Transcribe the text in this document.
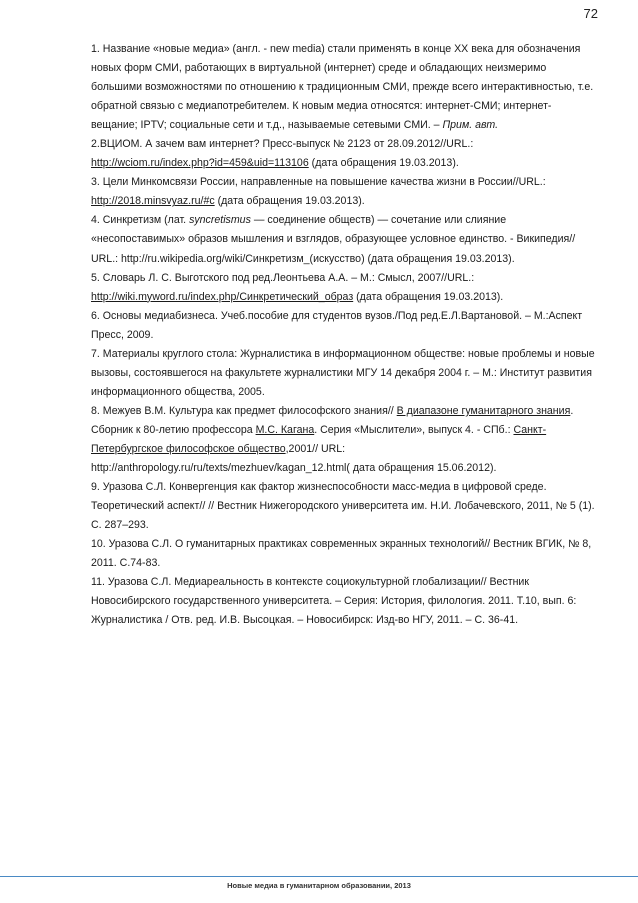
72

1. Название «новые медиа» (англ. - new media) стали применять в конце XX века для обозначения новых форм СМИ, работающих в виртуальной (интернет) среде и обладающих неизмеримо большими возможностями по отношению к традиционным СМИ, прежде всего интерактивностью, т.е. обратной связью с медиапотребителем. К новым медиа относятся: интернет-СМИ; интернет-вещание; IPTV; социальные сети и т.д., называемые сетевыми СМИ. – Прим. авт.

2.ВЦИОМ. А зачем вам интернет? Пресс-выпуск № 2123 от 28.09.2012//URL.: http://wciom.ru/index.php?id=459&uid=113106 (дата обращения 19.03.2013).

3. Цели Минкомсвязи России, направленные на повышение качества жизни в России//URL.: http://2018.minsvyaz.ru/#c (дата обращения 19.03.2013).

4. Синкретизм (лат. syncretismus — соединение обществ) — сочетание или слияние «несопоставимых» образов мышления и взглядов, образующее условное единство. - Википедия// URL.: http://ru.wikipedia.org/wiki/Синкретизм_(искусство) (дата обращения 19.03.2013).

5. Словарь Л. С. Выготского под ред.Леонтьева А.А. – М.: Смысл, 2007//URL.: http://wiki.myword.ru/index.php/Синкретический_образ (дата обращения 19.03.2013).

6. Основы медиабизнеса. Учеб.пособие для студентов вузов./Под ред.Е.Л.Вартановой. – М.:Аспект Пресс, 2009.

7. Материалы круглого стола: Журналистика в информационном обществе: новые проблемы и новые вызовы, состоявшегося на факультете журналистики МГУ 14 декабря 2004 г. – М.: Институт развития информационного общества, 2005.

8. Межуев В.М. Культура как предмет философского знания// В диапазоне гуманитарного знания. Сборник к 80-летию профессора М.С. Кагана. Серия «Мыслители», выпуск 4. - СПб.: Санкт-Петербургское философское общество,2001// URL: http://anthropology.ru/ru/texts/mezhuev/kagan_12.html( дата обращения 15.06.2012).

9. Уразова С.Л. Конвергенция как фактор жизнеспособности масс-медиа в цифровой среде. Теоретический аспект// // Вестник Нижегородского университета им. Н.И. Лобачевского, 2011, № 5 (1). С. 287–293.

10. Уразова С.Л. О гуманитарных практиках современных экранных технологий// Вестник ВГИК, № 8, 2011. С.74-83.

11. Уразова С.Л. Медиареальность в контексте социокультурной глобализации// Вестник Новосибирского государственного университета. – Серия: История, филология. 2011. Т.10, вып. 6: Журналистика / Отв. ред. И.В. Высоцкая. – Новосибирск: Изд-во НГУ, 2011. – С. 36-41.

Новые медиа в гуманитарном образовании, 2013
